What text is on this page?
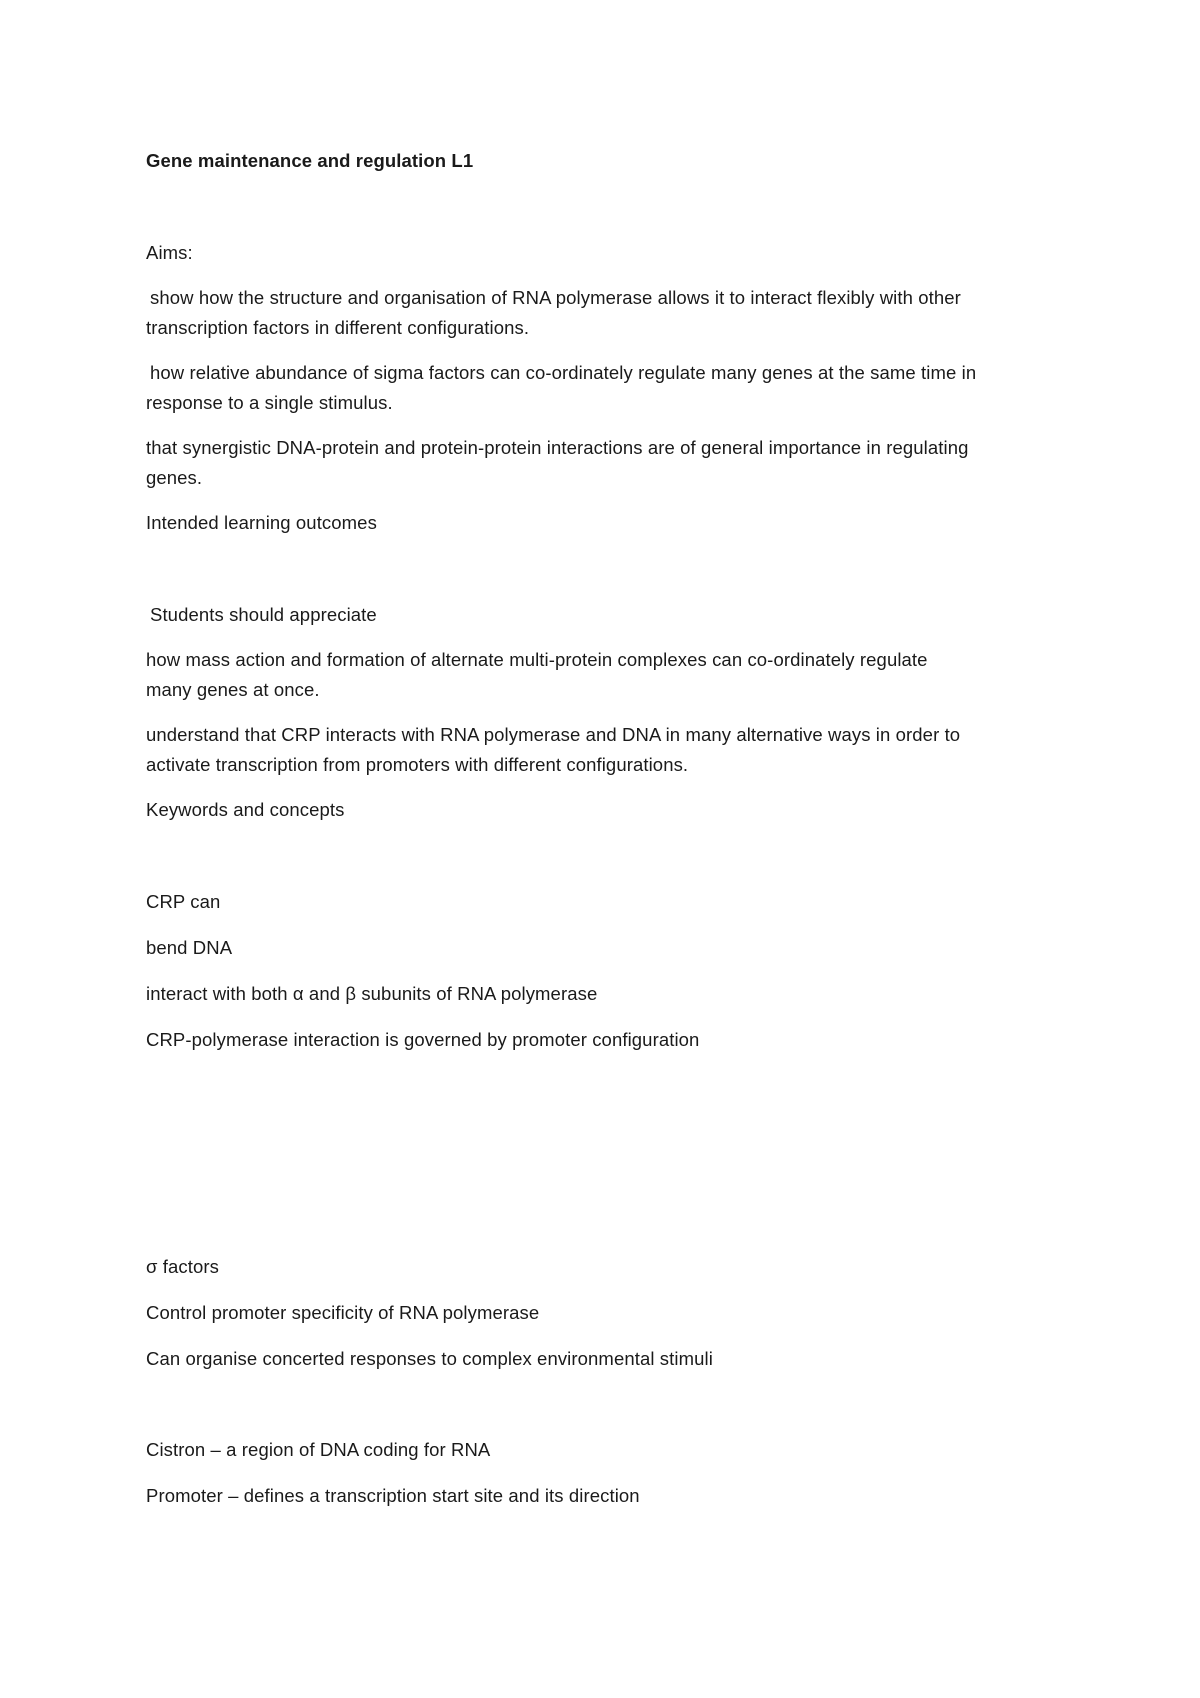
Gene maintenance and regulation L1
Aims:
show how the structure and organisation of RNA polymerase allows it to interact flexibly with other
transcription factors in different configurations.
how relative abundance of sigma factors can co-ordinately regulate many genes at the same time in
response to a single stimulus.
that synergistic DNA-protein and protein-protein interactions are of general importance in regulating
genes.
Intended learning outcomes
Students should appreciate
how mass action and formation of alternate multi-protein complexes can co-ordinately regulate
many genes at once.
understand that CRP interacts with RNA polymerase and DNA in many alternative ways in order to
activate transcription from promoters with different configurations.
Keywords and concepts
CRP can
bend DNA
interact with both α and β subunits of RNA polymerase
CRP-polymerase interaction is governed by promoter configuration
σ factors
Control promoter specificity of RNA polymerase
Can organise concerted responses to complex environmental stimuli
Cistron – a region of DNA coding for RNA
Promoter – defines a transcription start site and its direction
